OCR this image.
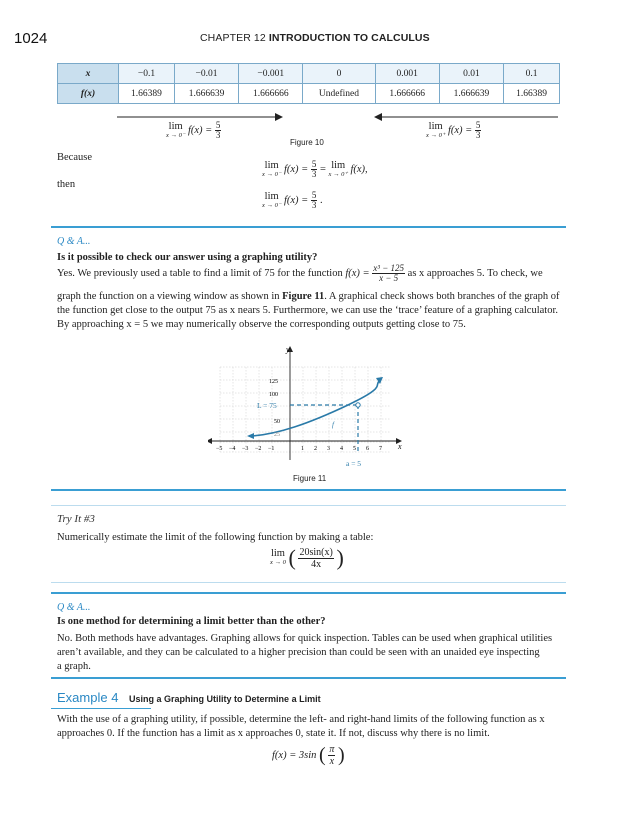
1024	CHAPTER 12 INTRODUCTION TO CALCULUS
x	−0.1	−0.01	−0.001	0	0.001	0.01	0.1
f(x)	1.66389	1.666639	1.666666	Undefined	1.666666	1.666639	1.66389
lim
x → 0⁻ $f(x) = \frac{5}{3}$
Figure 10
lim
x → 0⁺ $f(x) = \frac{5}{3}$
Because
lim
x → 0⁻ $f(x) = \frac{5}{3} = \lim$
x → 0⁺ f(x),
then
lim
x → 0⁻ $f(x) = \frac{5}{3}$ .
Q & A...
Is it possible to check our answer using a graphing utility?
Yes. We previously used a table to find a limit of 75 for the function $f(x) = \frac{\text{x³ − 125}}{x - 5}$ as x approaches 5. To check, we
graph the function on a viewing window as shown in Figure 11. A graphical check shows both branches of the graph of
the function get close to the output 75 as x nears 5. Furthermore, we can use the ‘trace’ feature of a graphing calculator.
By approaching x = 5 we may numerically observe the corresponding outputs getting close to 75.
y
x
125
100
50
25
L = 75
f
−5 −4 −3 −2 −1	1 2 3 4 5 6 7
a = 5
Figure 11
Try It #3
Numerically estimate the limit of the following function by making a table:
lim
x → 0 ( $\frac{20\sin(x)}{4x}$ )
Q & A...
Is one method for determining a limit better than the other?
No. Both methods have advantages. Graphing allows for quick inspection. Tables can be used when graphical utilities
aren’t available, and they can be calculated to a higher precision than could be seen with an unaided eye inspecting
a graph.
Example 4 Using a Graphing Utility to Determine a Limit
With the use of a graphing utility, if possible, determine the left- and right-hand limits of the following function as x
approaches 0. If the function has a limit as x approaches 0, state it. If not, discuss why there is no limit.
f(x) = 3sin ( $\frac{\pi}{x}$ )
